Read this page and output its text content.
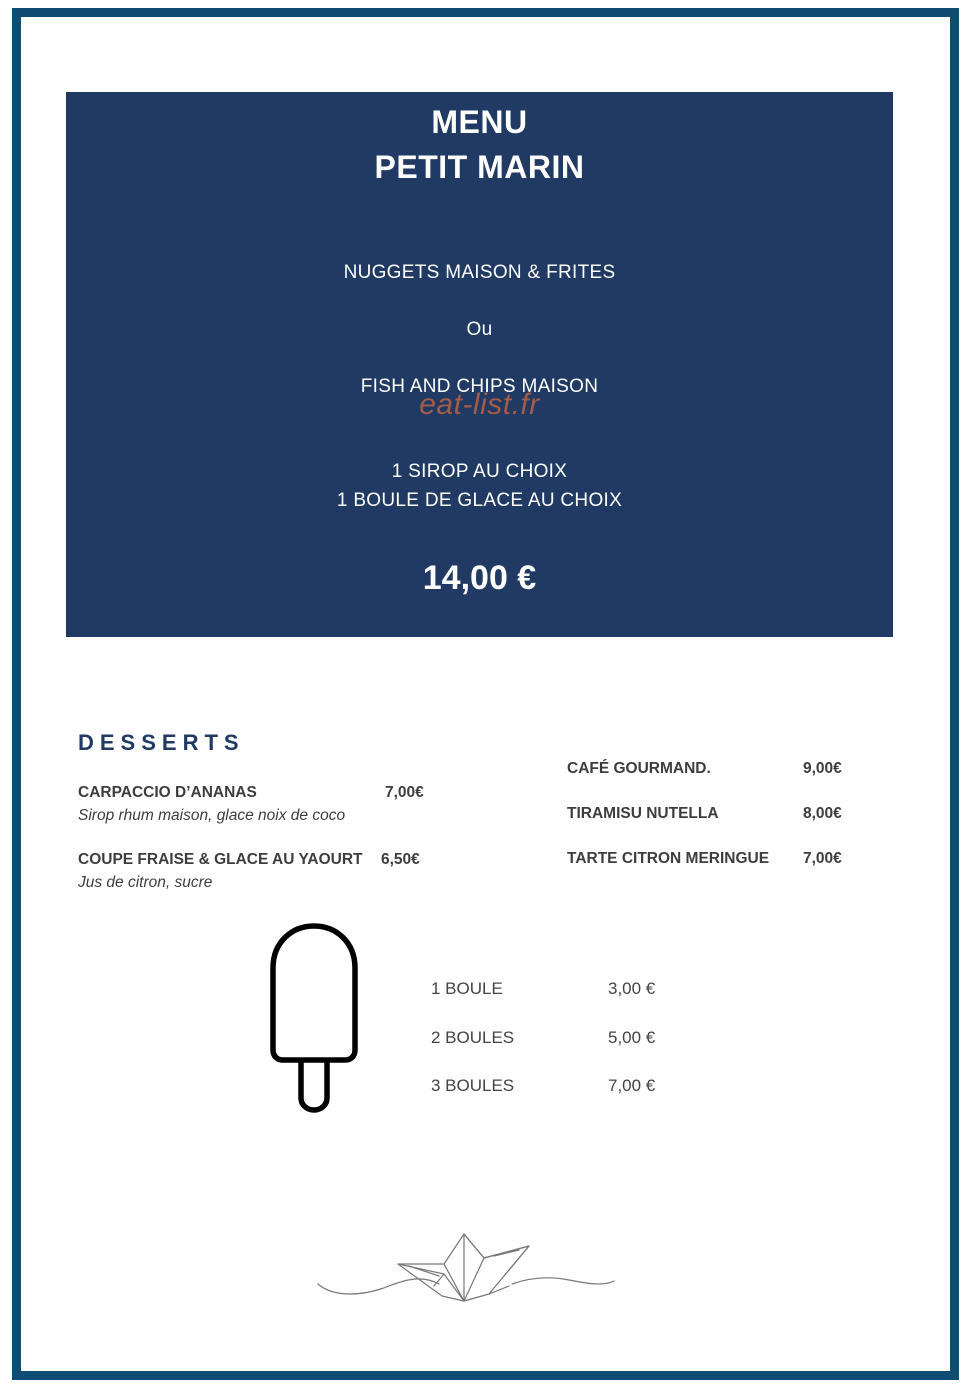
MENU
PETIT MARIN
NUGGETS MAISON & FRITES
Ou
FISH AND CHIPS MAISON
eat-list.fr
1 SIROP AU CHOIX
1 BOULE DE GLACE AU CHOIX
14,00 €
DESSERTS
CARPACCIO D’ANANAS	7,00€
Sirop rhum maison, glace noix de coco
COUPE FRAISE & GLACE AU YAOURT 6,50€
Jus de citron, sucre
CAFÉ GOURMAND.	9,00€
TIRAMISU NUTELLA	8,00€
TARTE CITRON MERINGUE 7,00€
1 BOULE	3,00 €
2 BOULES	5,00 €
3 BOULES	7,00 €
